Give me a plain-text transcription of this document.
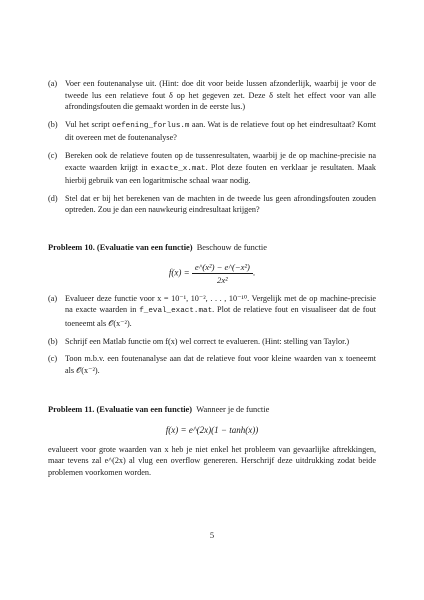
(a) Voer een foutenanalyse uit. (Hint: doe dit voor beide lussen afzonderlijk, waarbij je voor de tweede lus een relatieve fout δ op het gegeven zet. Deze δ stelt het effect voor van alle afrondingsfouten die gemaakt worden in de eerste lus.)
(b) Vul het script oefening_forlus.m aan. Wat is de relatieve fout op het eindresultaat? Komt dit overeen met de foutenanalyse?
(c) Bereken ook de relatieve fouten op de tussenresultaten, waarbij je de op machine-precisie na exacte waarden krijgt in exacte_x.mat. Plot deze fouten en verklaar je resultaten. Maak hierbij gebruik van een logaritmische schaal waar nodig.
(d) Stel dat er bij het berekenen van de machten in de tweede lus geen afrondingsfouten zouden optreden. Zou je dan een nauwkeurig eindresultaat krijgen?
Probleem 10. (Evaluatie van een functie) Beschouw de functie
$f(x) = \frac{\text{e\textasciicircum{}(x²) − e\textasciicircum{}(−x²)}}{\text{2x²}}$ .
(a) Evalueer deze functie voor x = 10⁻¹, 10⁻², . . . , 10⁻¹⁰. Vergelijk met de op machine-precisie na exacte waarden in f_eval_exact.mat. Plot de relatieve fout en visualiseer dat de fout toeneemt als 𝒪(x⁻²).
(b) Schrijf een Matlab functie om f(x) wel correct te evalueren. (Hint: stelling van Taylor.)
(c) Toon m.b.v. een foutenanalyse aan dat de relatieve fout voor kleine waarden van x toeneemt als 𝒪(x⁻²).
Probleem 11. (Evaluatie van een functie) Wanneer je de functie
f(x) = e^(2x)(1 − tanh(x))
evalueert voor grote waarden van x heb je niet enkel het probleem van gevaarlijke aftrekkingen, maar tevens zal e^(2x) al vlug een overflow genereren. Herschrijf deze uitdrukking zodat beide problemen voorkomen worden.
5
